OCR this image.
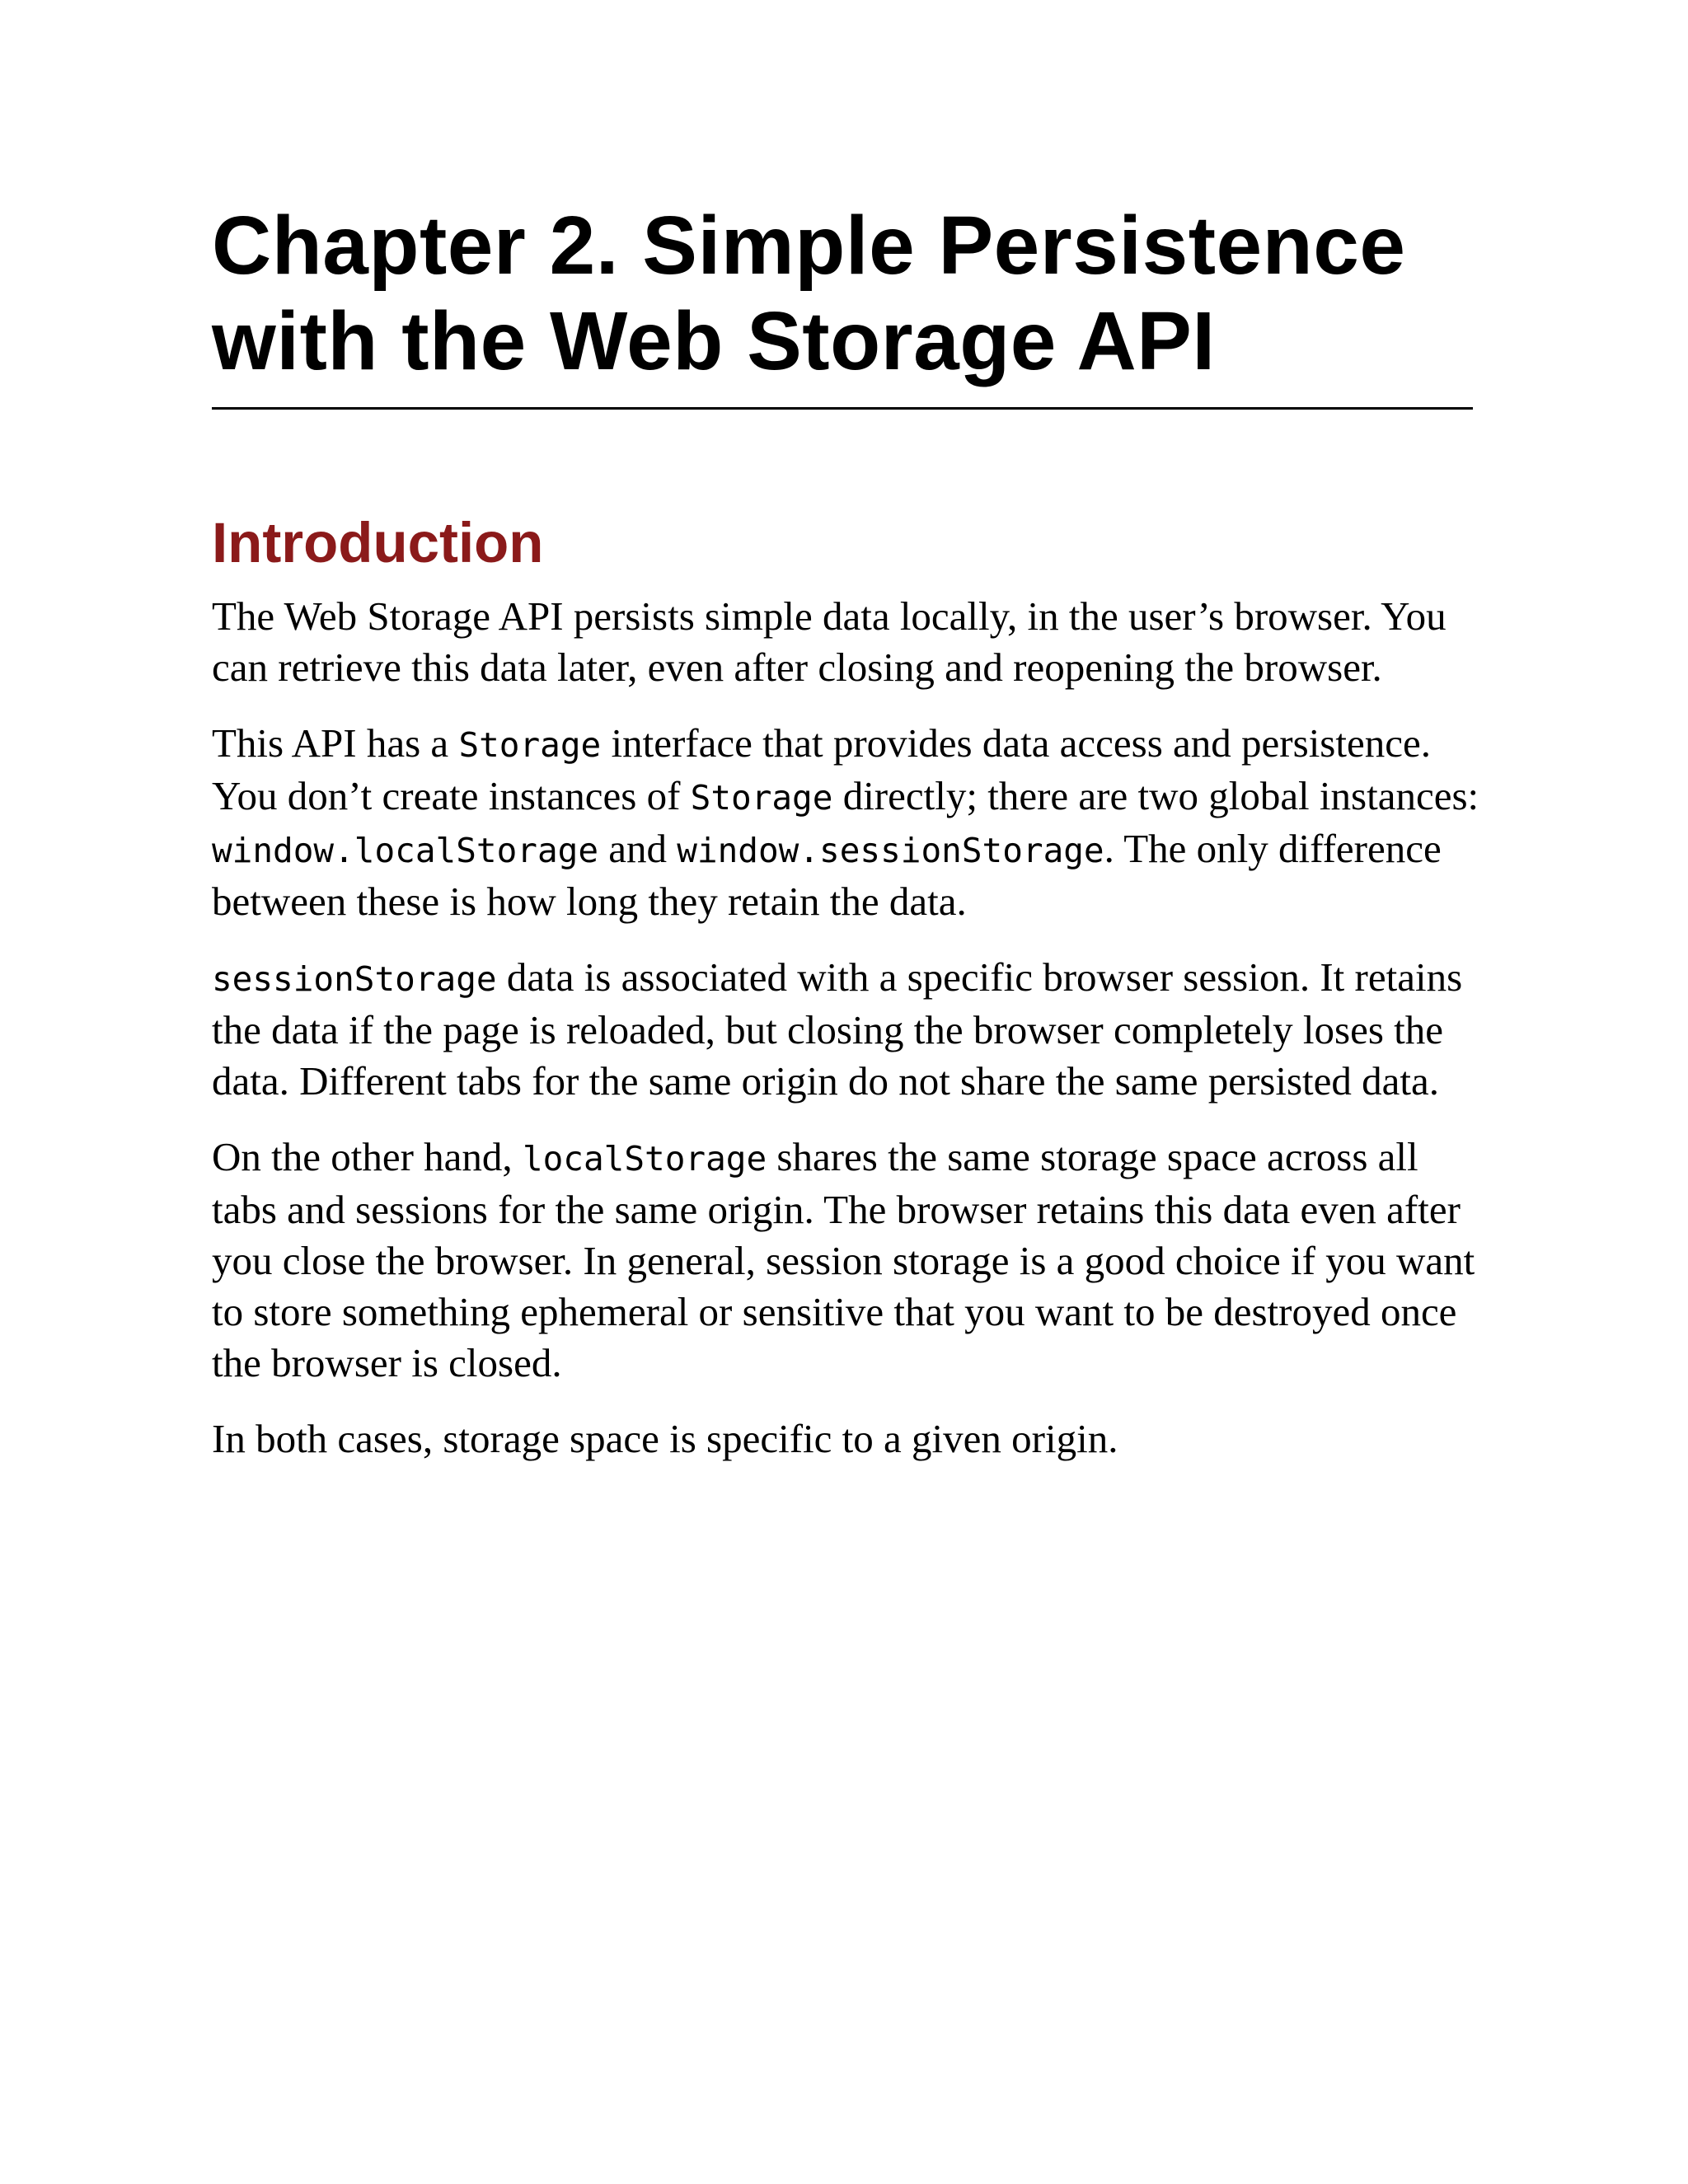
Chapter 2. Simple Persistence
with the Web Storage API
Introduction

The Web Storage API persists simple data locally, in the user’s browser. You can retrieve this data later, even after closing and reopening the browser.

This API has a Storage interface that provides data access and persistence. You don’t create instances of Storage directly; there are two global instances: window.localStorage and window.sessionStorage. The only difference between these is how long they retain the data.

sessionStorage data is associated with a specific browser session. It retains the data if the page is reloaded, but closing the browser completely loses the data. Different tabs for the same origin do not share the same persisted data.

On the other hand, localStorage shares the same storage space across all tabs and sessions for the same origin. The browser retains this data even after you close the browser. In general, session storage is a good choice if you want to store something ephemeral or sensitive that you want to be destroyed once the browser is closed.

In both cases, storage space is specific to a given origin.
